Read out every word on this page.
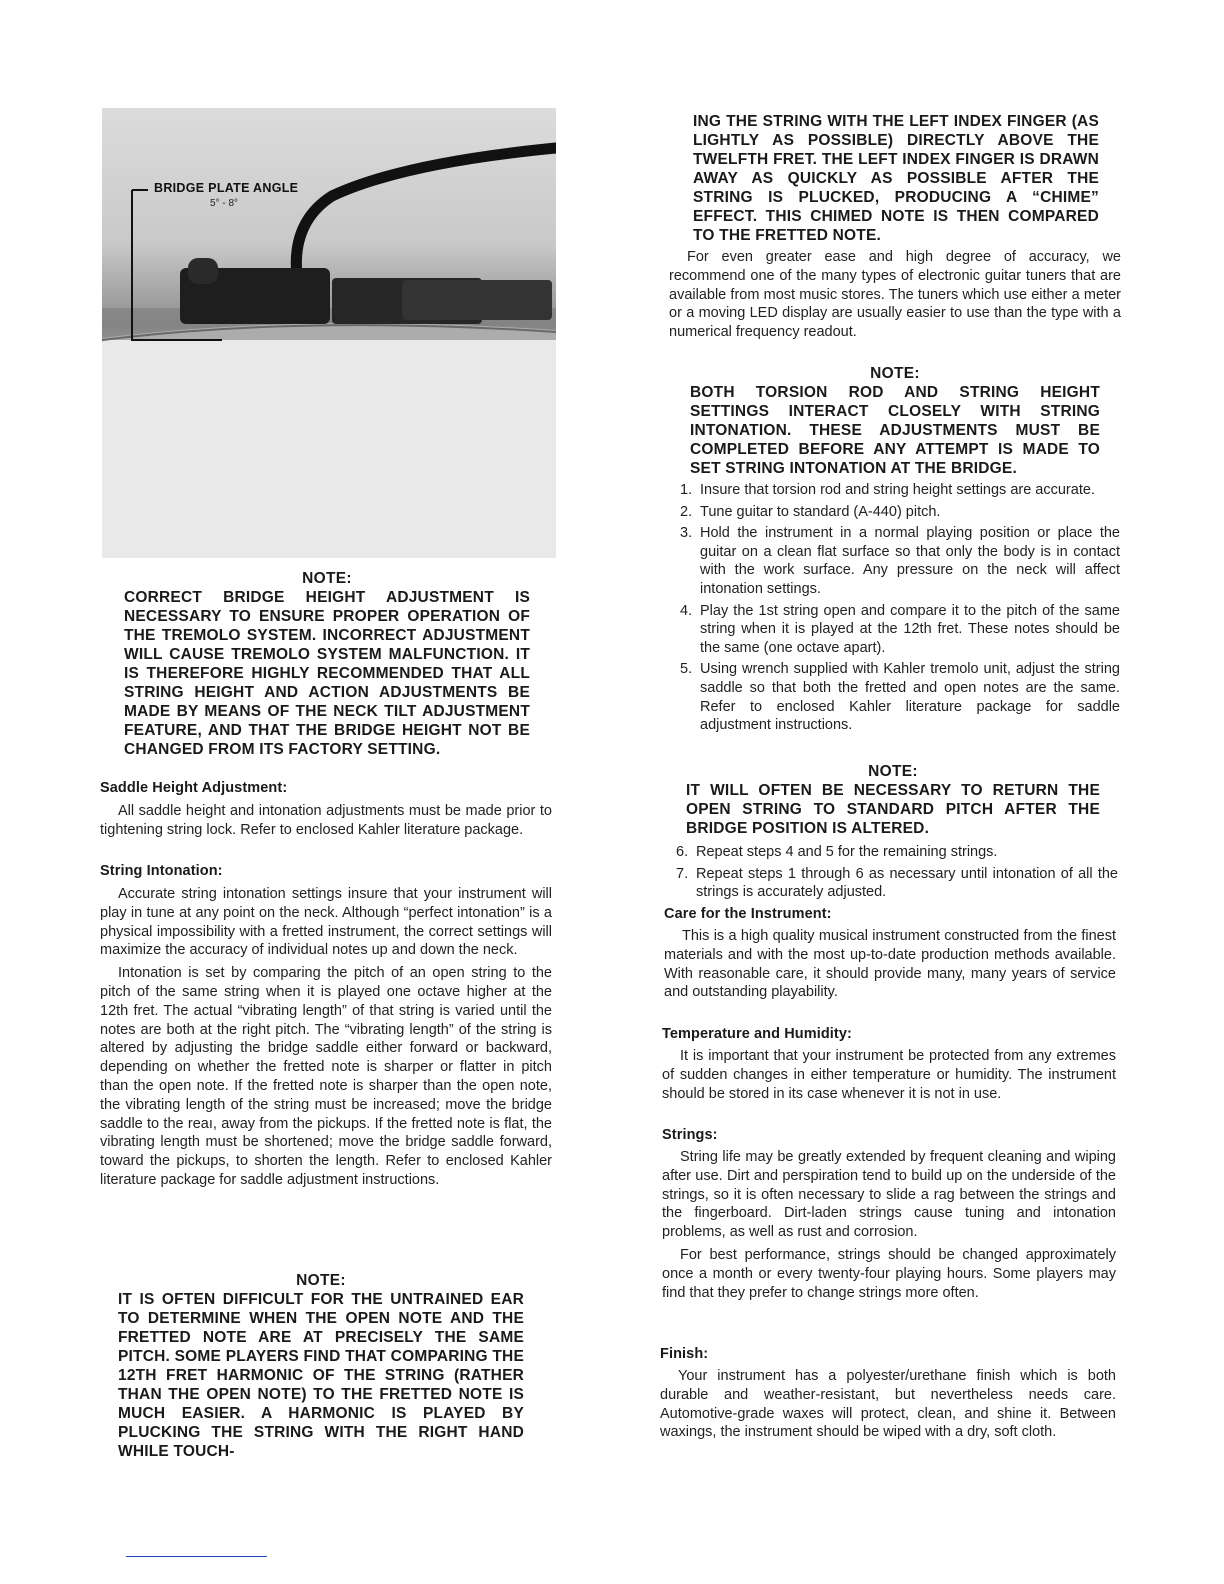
BRIDGE PLATE ANGLE
5° - 8°

NOTE:

CORRECT BRIDGE HEIGHT ADJUSTMENT IS NECESSARY TO ENSURE PROPER OPERATION OF THE TREMOLO SYSTEM. INCORRECT ADJUSTMENT WILL CAUSE TREMOLO SYSTEM MALFUNCTION. IT IS THEREFORE HIGHLY RECOMMENDED THAT ALL STRING HEIGHT AND ACTION ADJUSTMENTS BE MADE BY MEANS OF THE NECK TILT ADJUSTMENT FEATURE, AND THAT THE BRIDGE HEIGHT NOT BE CHANGED FROM ITS FACTORY SETTING.

Saddle Height Adjustment:

All saddle height and intonation adjustments must be made prior to tightening string lock. Refer to enclosed Kahler literature package.

String Intonation:

Accurate string intonation settings insure that your instrument will play in tune at any point on the neck. Although “perfect intonation” is a physical impossibility with a fretted instrument, the correct settings will maximize the accuracy of individual notes up and down the neck.

Intonation is set by comparing the pitch of an open string to the pitch of the same string when it is played one octave higher at the 12th fret. The actual “vibrating length” of that string is varied until the notes are both at the right pitch. The “vibrating length” of the string is altered by adjusting the bridge saddle either forward or backward, depending on whether the fretted note is sharper or flatter in pitch than the open note. If the fretted note is sharper than the open note, the vibrating length of the string must be increased; move the bridge saddle to the reaı, away from the pickups. If the fretted note is flat, the vibrating length must be shortened; move the bridge saddle forward, toward the pickups, to shorten the length. Refer to enclosed Kahler literature package for saddle adjustment instructions.

NOTE:

IT IS OFTEN DIFFICULT FOR THE UNTRAINED EAR TO DETERMINE WHEN THE OPEN NOTE AND THE FRETTED NOTE ARE AT PRECISELY THE SAME PITCH. SOME PLAYERS FIND THAT COMPARING THE 12TH FRET HARMONIC OF THE STRING (RATHER THAN THE OPEN NOTE) TO THE FRETTED NOTE IS MUCH EASIER. A HARMONIC IS PLAYED BY PLUCKING THE STRING WITH THE RIGHT HAND WHILE TOUCH-

ING THE STRING WITH THE LEFT INDEX FINGER (AS LIGHTLY AS POSSIBLE) DIRECTLY ABOVE THE TWELFTH FRET. THE LEFT INDEX FINGER IS DRAWN AWAY AS QUICKLY AS POSSIBLE AFTER THE STRING IS PLUCKED, PRODUCING A “CHIME” EFFECT. THIS CHIMED NOTE IS THEN COMPARED TO THE FRETTED NOTE.

For even greater ease and high degree of accuracy, we recommend one of the many types of electronic guitar tuners that are available from most music stores. The tuners which use either a meter or a moving LED display are usually easier to use than the type with a numerical frequency readout.

NOTE:

BOTH TORSION ROD AND STRING HEIGHT SETTINGS INTERACT CLOSELY WITH STRING INTONATION. THESE ADJUSTMENTS MUST BE COMPLETED BEFORE ANY ATTEMPT IS MADE TO SET STRING INTONATION AT THE BRIDGE.

1. Insure that torsion rod and string height settings are accurate.
2. Tune guitar to standard (A-440) pitch.
3. Hold the instrument in a normal playing position or place the guitar on a clean flat surface so that only the body is in contact with the work surface. Any pressure on the neck will affect intonation settings.
4. Play the 1st string open and compare it to the pitch of the same string when it is played at the 12th fret. These notes should be the same (one octave apart).
5. Using wrench supplied with Kahler tremolo unit, adjust the string saddle so that both the fretted and open notes are the same. Refer to enclosed Kahler literature package for saddle adjustment instructions.

NOTE:

IT WILL OFTEN BE NECESSARY TO RETURN THE OPEN STRING TO STANDARD PITCH AFTER THE BRIDGE POSITION IS ALTERED.

6. Repeat steps 4 and 5 for the remaining strings.
7. Repeat steps 1 through 6 as necessary until intonation of all the strings is accurately adjusted.

Care for the Instrument:

This is a high quality musical instrument constructed from the finest materials and with the most up-to-date production methods available. With reasonable care, it should provide many, many years of service and outstanding playability.

Temperature and Humidity:

It is important that your instrument be protected from any extremes of sudden changes in either temperature or humidity. The instrument should be stored in its case whenever it is not in use.

Strings:

String life may be greatly extended by frequent cleaning and wiping after use. Dirt and perspiration tend to build up on the underside of the strings, so it is often necessary to slide a rag between the strings and the fingerboard. Dirt-laden strings cause tuning and intonation problems, as well as rust and corrosion.

For best performance, strings should be changed approximately once a month or every twenty-four playing hours. Some players may find that they prefer to change strings more often.

Finish:

Your instrument has a polyester/urethane finish which is both durable and weather-resistant, but nevertheless needs care. Automotive-grade waxes will protect, clean, and shine it. Between waxings, the instrument should be wiped with a dry, soft cloth.
